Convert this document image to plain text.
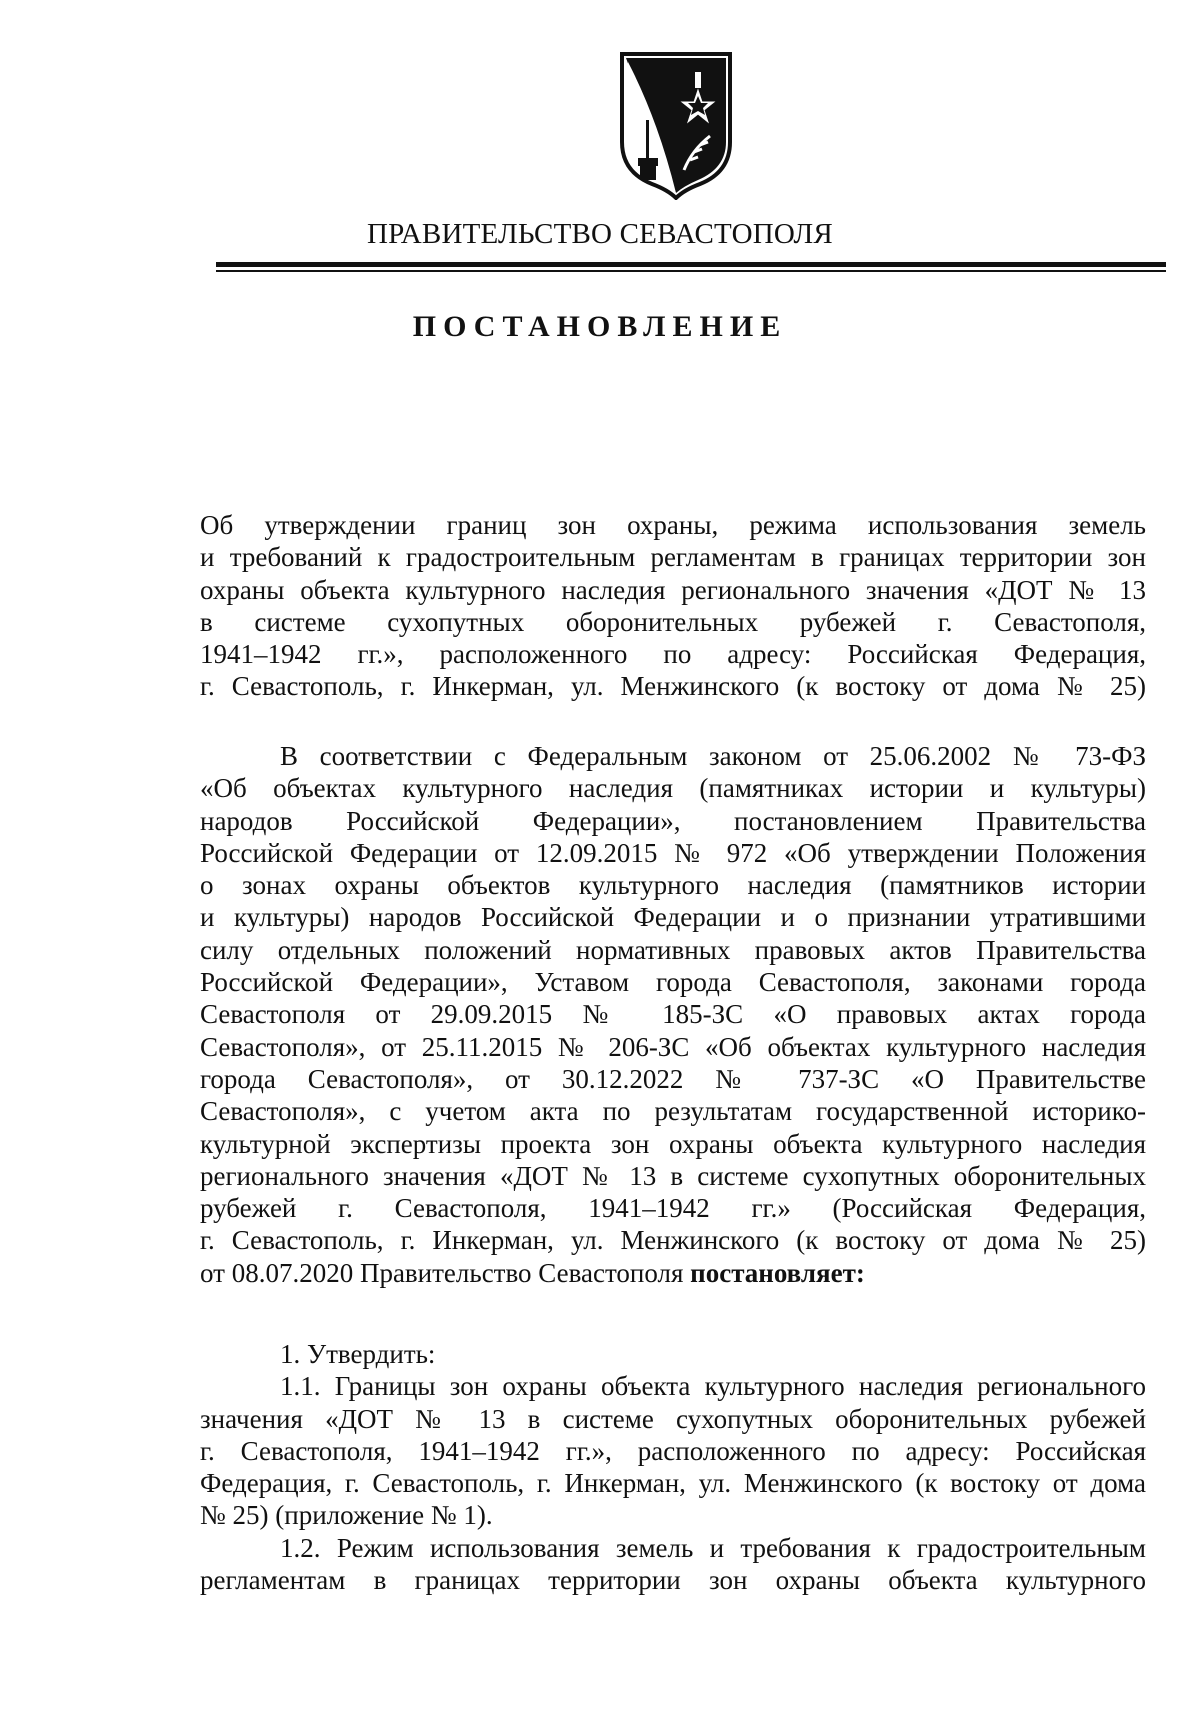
ПРАВИТЕЛЬСТВО СЕВАСТОПОЛЯ
ПОСТАНОВЛЕНИЕ
Об утверждении границ зон охраны, режима использования земель
и требований к градостроительным регламентам в границах территории зон
охраны объекта культурного наследия регионального значения «ДОТ № 13
в системе сухопутных оборонительных рубежей г. Севастополя,
1941–1942 гг.», расположенного по адресу: Российская Федерация,
г. Севастополь, г. Инкерман, ул. Менжинского (к востоку от дома № 25)
В соответствии с Федеральным законом от 25.06.2002 № 73-ФЗ
«Об объектах культурного наследия (памятниках истории и культуры)
народов Российской Федерации», постановлением Правительства
Российской Федерации от 12.09.2015 № 972 «Об утверждении Положения
о зонах охраны объектов культурного наследия (памятников истории
и культуры) народов Российской Федерации и о признании утратившими
силу отдельных положений нормативных правовых актов Правительства
Российской Федерации», Уставом города Севастополя, законами города
Севастополя от 29.09.2015 № 185-ЗС «О правовых актах города
Севастополя», от 25.11.2015 № 206-ЗС «Об объектах культурного наследия
города Севастополя», от 30.12.2022 № 737-ЗС «О Правительстве
Севастополя», с учетом акта по результатам государственной историко-
культурной экспертизы проекта зон охраны объекта культурного наследия
регионального значения «ДОТ № 13 в системе сухопутных оборонительных
рубежей г. Севастополя, 1941–1942 гг.» (Российская Федерация,
г. Севастополь, г. Инкерман, ул. Менжинского (к востоку от дома № 25)
от 08.07.2020 Правительство Севастополя постановляет:
1. Утвердить:
1.1. Границы зон охраны объекта культурного наследия регионального
значения «ДОТ № 13 в системе сухопутных оборонительных рубежей
г. Севастополя, 1941–1942 гг.», расположенного по адресу: Российская
Федерация, г. Севастополь, г. Инкерман, ул. Менжинского (к востоку от дома
№ 25) (приложение № 1).
1.2. Режим использования земель и требования к градостроительным
регламентам в границах территории зон охраны объекта культурного
